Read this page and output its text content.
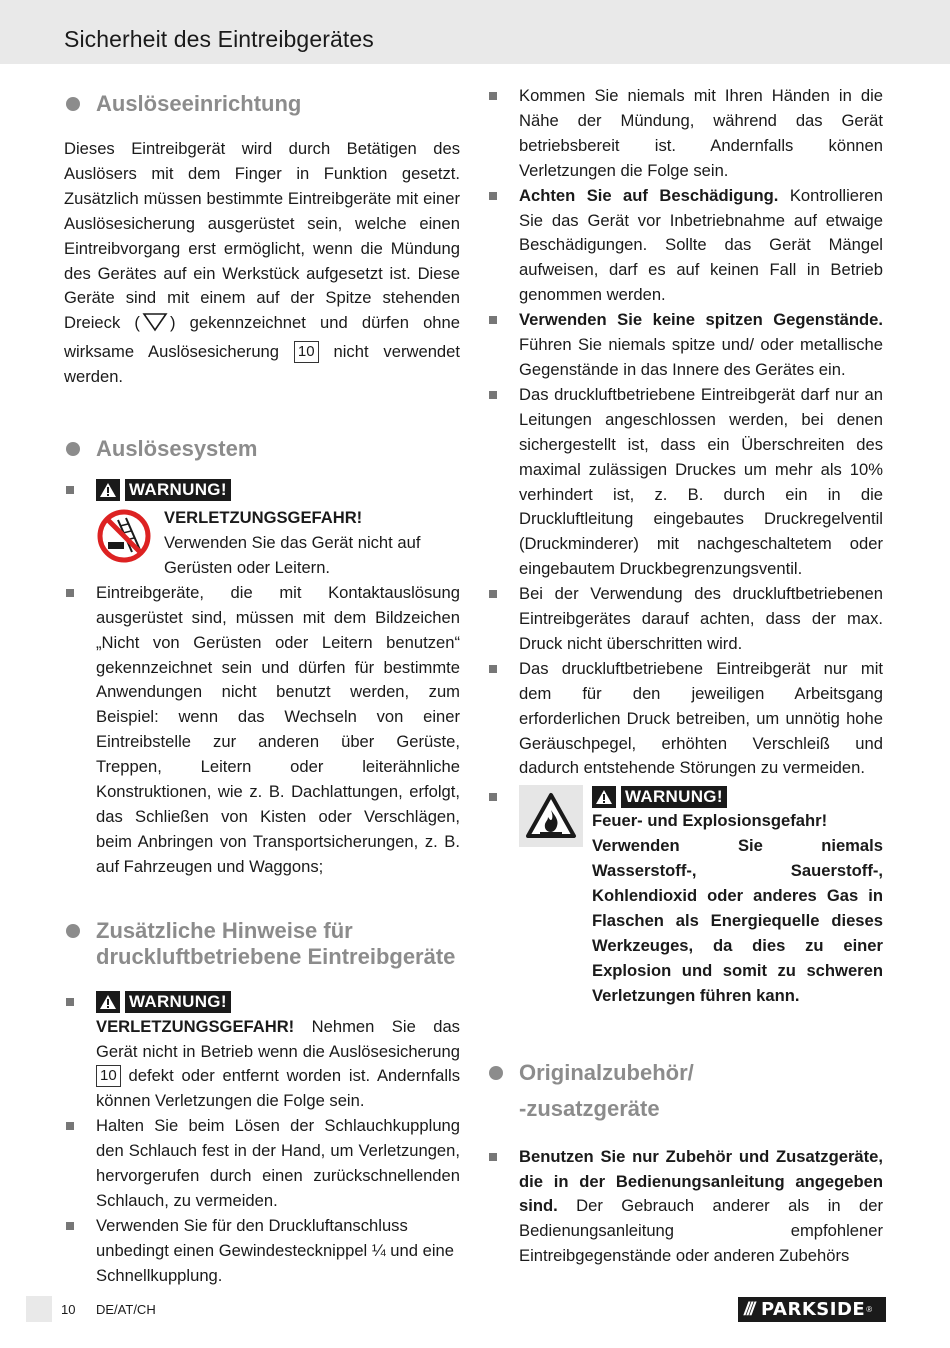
Sicherheit des Eintreibgerätes
Auslöseeinrichtung
Dieses Eintreibgerät wird durch Betätigen des Auslösers mit dem Finger in Funktion gesetzt. Zusätzlich müssen bestimmte Eintreibgeräte mit einer Auslösesicherung ausgerüstet sein, welche einen Eintreibvorgang erst ermöglicht, wenn die Mündung des Gerätes auf ein Werkstück aufgesetzt ist. Diese Geräte sind mit einem auf der Spitze stehenden Dreieck ( ) gekennzeichnet und dürfen ohne wirksame Auslösesicherung 10 nicht verwendet werden.
Auslösesystem
WARNUNG!
VERLETZUNGSGEFAHR!
Verwenden Sie das Gerät nicht auf Gerüsten oder Leitern.
Eintreibgeräte, die mit Kontaktauslösung ausgerüstet sind, müssen mit dem Bildzeichen „Nicht von Gerüsten oder Leitern benutzen“ gekennzeichnet sein und dürfen für bestimmte Anwendungen nicht benutzt werden, zum Beispiel: wenn das Wechseln von einer Eintreibstelle zur anderen über Gerüste, Treppen, Leitern oder leiterähnliche Konstruktionen, wie z. B. Dachlattungen, erfolgt, das Schließen von Kisten oder Verschlägen, beim Anbringen von Transportsicherungen, z. B. auf Fahrzeugen und Waggons;
Zusätzliche Hinweise für druckluftbetriebene Eintreibgeräte
WARNUNG!
VERLETZUNGSGEFAHR! Nehmen Sie das Gerät nicht in Betrieb wenn die Auslösesicherung 10 defekt oder entfernt worden ist. Andernfalls können Verletzungen die Folge sein.
Halten Sie beim Lösen der Schlauchkupplung den Schlauch fest in der Hand, um Verletzungen, hervorgerufen durch einen zurückschnellenden Schlauch, zu vermeiden.
Verwenden Sie für den Druckluftanschluss unbedingt einen Gewindestecknippel ¼ und eine Schnellkupplung.
Kommen Sie niemals mit Ihren Händen in die Nähe der Mündung, während das Gerät betriebsbereit ist. Andernfalls können Verletzungen die Folge sein.
Achten Sie auf Beschädigung. Kontrollieren Sie das Gerät vor Inbetriebnahme auf etwaige Beschädigungen. Sollte das Gerät Mängel aufweisen, darf es auf keinen Fall in Betrieb genommen werden.
Verwenden Sie keine spitzen Gegenstände. Führen Sie niemals spitze und/ oder metallische Gegenstände in das Innere des Gerätes ein.
Das druckluftbetriebene Eintreibgerät darf nur an Leitungen angeschlossen werden, bei denen sichergestellt ist, dass ein Überschreiten des maximal zulässigen Druckes um mehr als 10% verhindert ist, z. B. durch ein in die Druckluftleitung eingebautes Druckregelventil (Druckminderer) mit nachgeschaltetem oder eingebautem Druckbegrenzungsventil.
Bei der Verwendung des druckluftbetriebenen Eintreibgerätes darauf achten, dass der max. Druck nicht überschritten wird.
Das druckluftbetriebene Eintreibgerät nur mit dem für den jeweiligen Arbeitsgang erforderlichen Druck betreiben, um unnötig hohe Geräuschpegel, erhöhten Verschleiß und dadurch entstehende Störungen zu vermeiden.
WARNUNG!
Feuer- und Explosionsgefahr!
Verwenden Sie niemals Wasserstoff-, Sauerstoff-, Kohlendioxid oder anderes Gas in Flaschen als Energiequelle dieses Werkzeuges, da dies zu einer Explosion und somit zu schweren Verletzungen führen kann.
Originalzubehör/
-zusatzgeräte
Benutzen Sie nur Zubehör und Zusatzgeräte, die in der Bedienungsanleitung angegeben sind. Der Gebrauch anderer als in der Bedienungsanleitung empfohlener Eintreibgegenstände oder anderen Zubehörs
10 DE/AT/CH	/// PARKSIDE ®
